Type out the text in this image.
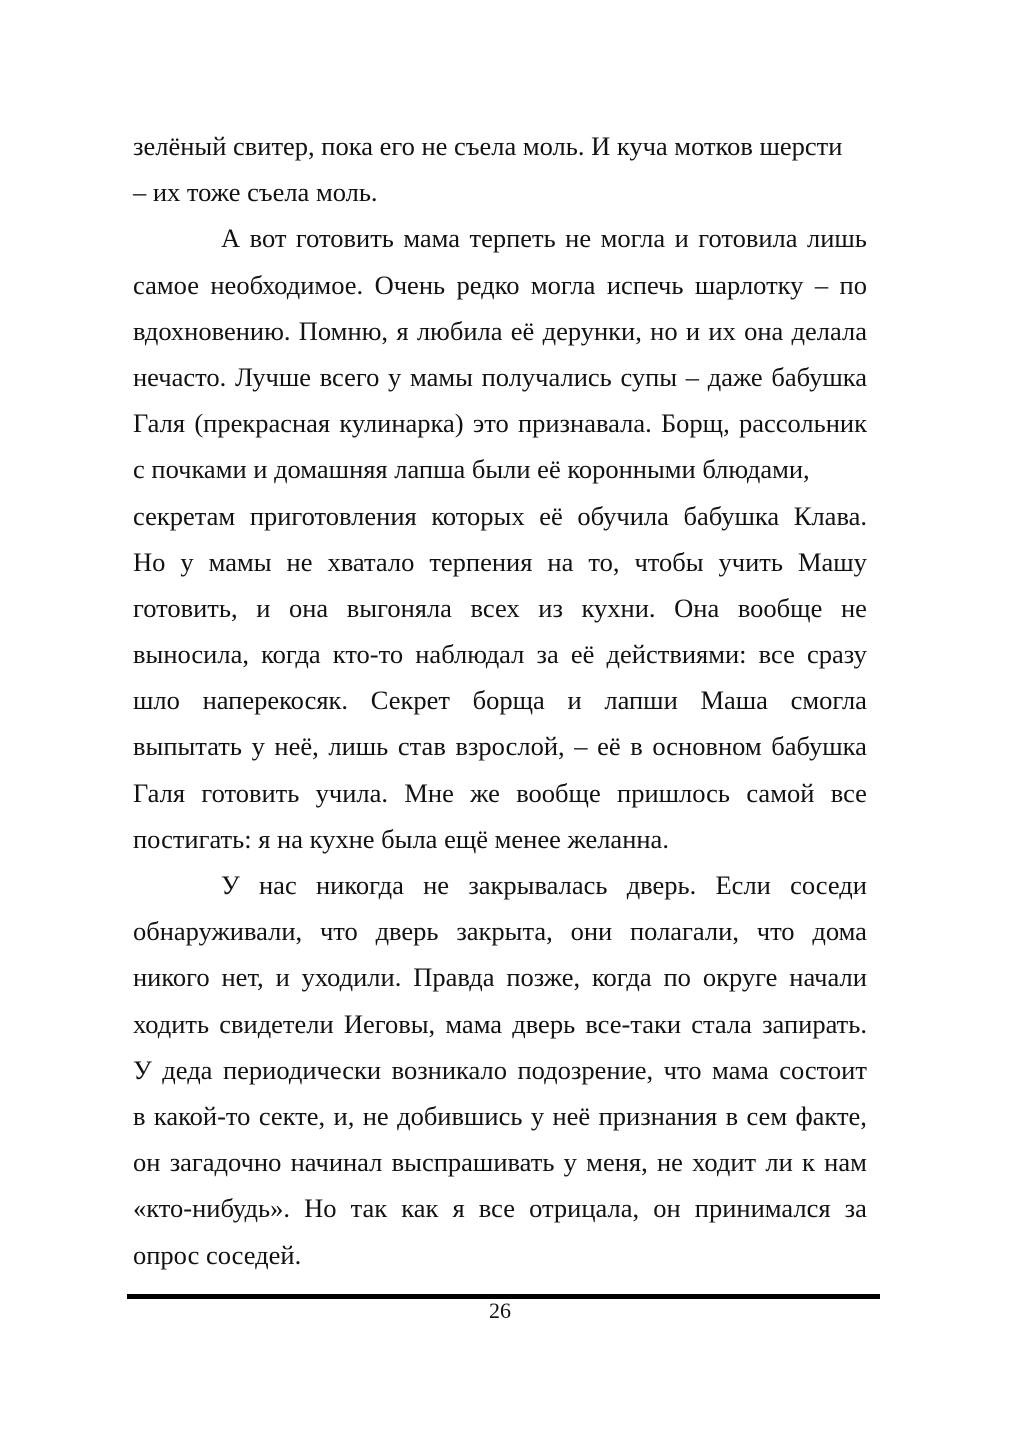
зелёный свитер, пока его не съела моль. И куча мотков шерсти
– их тоже съела моль.
А вот готовить мама терпеть не могла и готовила лишь
самое необходимое. Очень редко могла испечь шарлотку – по
вдохновению. Помню, я любила её дерунки, но и их она делала
нечасто. Лучше всего у мамы получались супы – даже бабушка
Галя (прекрасная кулинарка) это признавала. Борщ, рассольник
с почками и домашняя лапша были её коронными блюдами,
секретам приготовления которых её обучила бабушка Клава.
Но у мамы не хватало терпения на то, чтобы учить Машу
готовить, и она выгоняла всех из кухни. Она вообще не
выносила, когда кто-то наблюдал за её действиями: все сразу
шло наперекосяк. Секрет борща и лапши Маша смогла
выпытать у неё, лишь став взрослой, – её в основном бабушка
Галя готовить учила. Мне же вообще пришлось самой все
постигать: я на кухне была ещё менее желанна.
У нас никогда не закрывалась дверь. Если соседи
обнаруживали, что дверь закрыта, они полагали, что дома
никого нет, и уходили. Правда позже, когда по округе начали
ходить свидетели Иеговы, мама дверь все-таки стала запирать.
У деда периодически возникало подозрение, что мама состоит
в какой-то секте, и, не добившись у неё признания в сем факте,
он загадочно начинал выспрашивать у меня, не ходит ли к нам
«кто-нибудь». Но так как я все отрицала, он принимался за
опрос соседей.
26
